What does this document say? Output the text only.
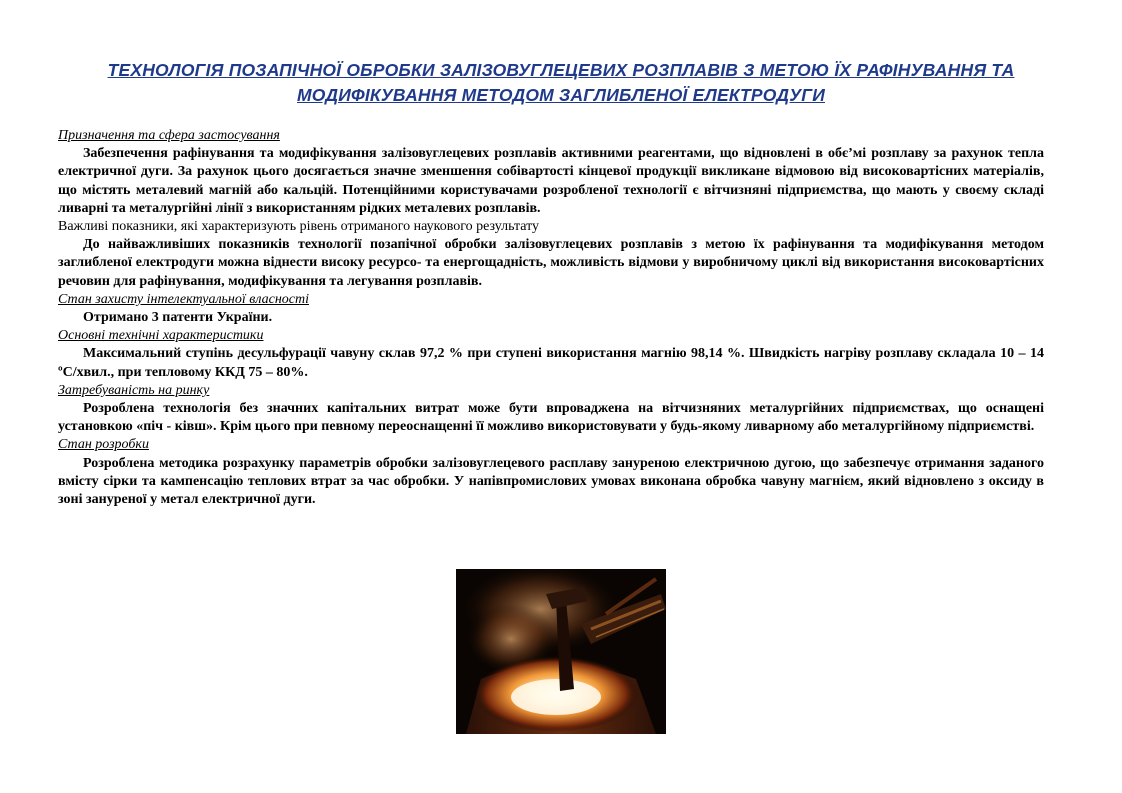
ТЕХНОЛОГІЯ ПОЗАПІЧНОЇ ОБРОБКИ ЗАЛІЗОВУГЛЕЦЕВИХ РОЗПЛАВІВ З МЕТОЮ ЇХ РАФІНУВАННЯ ТА МОДИФІКУВАННЯ МЕТОДОМ ЗАГЛИБЛЕНОЇ ЕЛЕКТРОДУГИ

Призначення та сфера застосування

Забезпечення рафінування та модифікування залізовуглецевих розплавів активними реагентами, що відновлені в обє’мі розплаву за рахунок тепла електричної дуги. За рахунок цього досягається значне зменшення собівартості кінцевої продукції викликане відмовою від високовартісних матеріалів, що містять металевий магній або кальцій. Потенційними користувачами розробленої технології є вітчизняні підприємства, що мають у своєму складі ливарні та металургійні лінії з використанням рідких металевих розплавів.

Важливі показники, які характеризують рівень отриманого наукового результату

До найважливіших показників технології позапічної обробки залізовуглецевих розплавів з метою їх рафінування та модифікування методом заглибленої електродуги можна віднести високу ресурсо- та енергощадність, можливість відмови у виробничому циклі від використання високовартісних речовин для рафінування, модифікування та легування розплавів.

Стан захисту інтелектуальної власності

Отримано 3 патенти України.

Основні технічні характеристики

Максимальний ступінь десульфурації чавуну склав 97,2 % при ступені використання магнію 98,14 %. Швидкість нагріву розплаву складала 10 – 14 ºС/хвил., при тепловому ККД 75 – 80%.

Затребуваність на ринку

Розроблена технологія без значних капітальних витрат може бути впроваджена на вітчизняних металургійних підприємствах, що оснащені установкою «піч - ківш». Крім цього при певному переоснащенні її можливо використовувати у будь-якому ливарному або металургійному підприємстві.

Стан розробки

Розроблена методика розрахунку параметрів обробки залізовуглецевого расплаву зануреною електричною дугою, що забезпечує отримання заданого вмісту сірки та кампенсацію теплових втрат за час обробки. У напівпромислових умовах виконана обробка чавуну магнієм, який відновлено з оксиду в зоні зануреної у метал електричної дуги.
